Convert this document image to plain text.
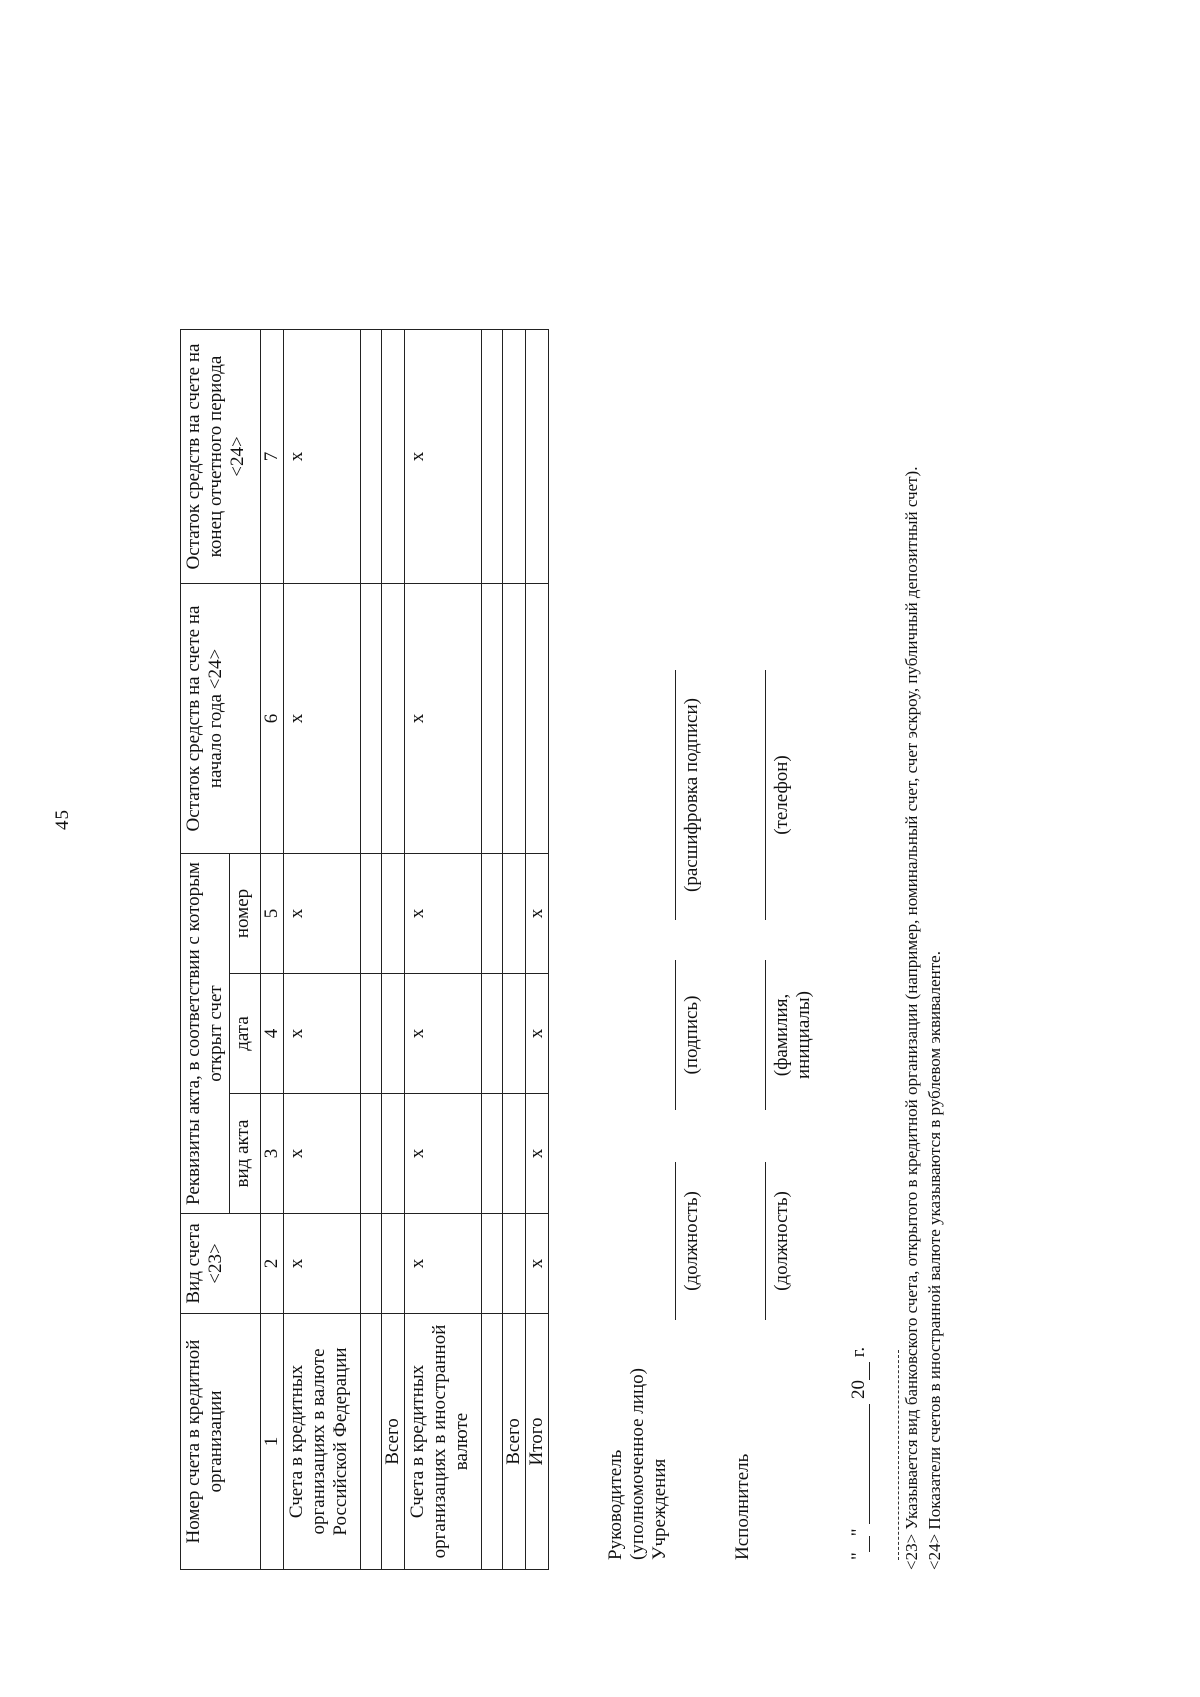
45
Номер счета в кредитной организации	Вид счета <23>	Реквизиты акта, в соответствии с которым открыт счет			Остаток средств на счете на начало года <24>	Остаток средств на счете на конец отчетного периода <24>
		вид акта	дата	номер		
1	2	3	4	5	6	7
Счета в кредитных организациях в валюте Российской Федерации	x	x	x	x	x	x

Всего						
Счета в кредитных организациях в иностранной валюте	x	x	x	x	x	x

Всего						
Итого	x	x	x	x		
Руководитель (уполномоченное лицо) Учреждения
(должность)
(подпись)
(расшифровка подписи)
Исполнитель
(должность)
(фамилия, инициалы)
(телефон)
""  20 г. <23> Указывается вид банковского счета, открытого в кредитной организации (например, номинальный счет, счет эскроу, публичный депозитный счет). <24> Показатели счетов в иностранной валюте указываются в рублевом эквиваленте.
